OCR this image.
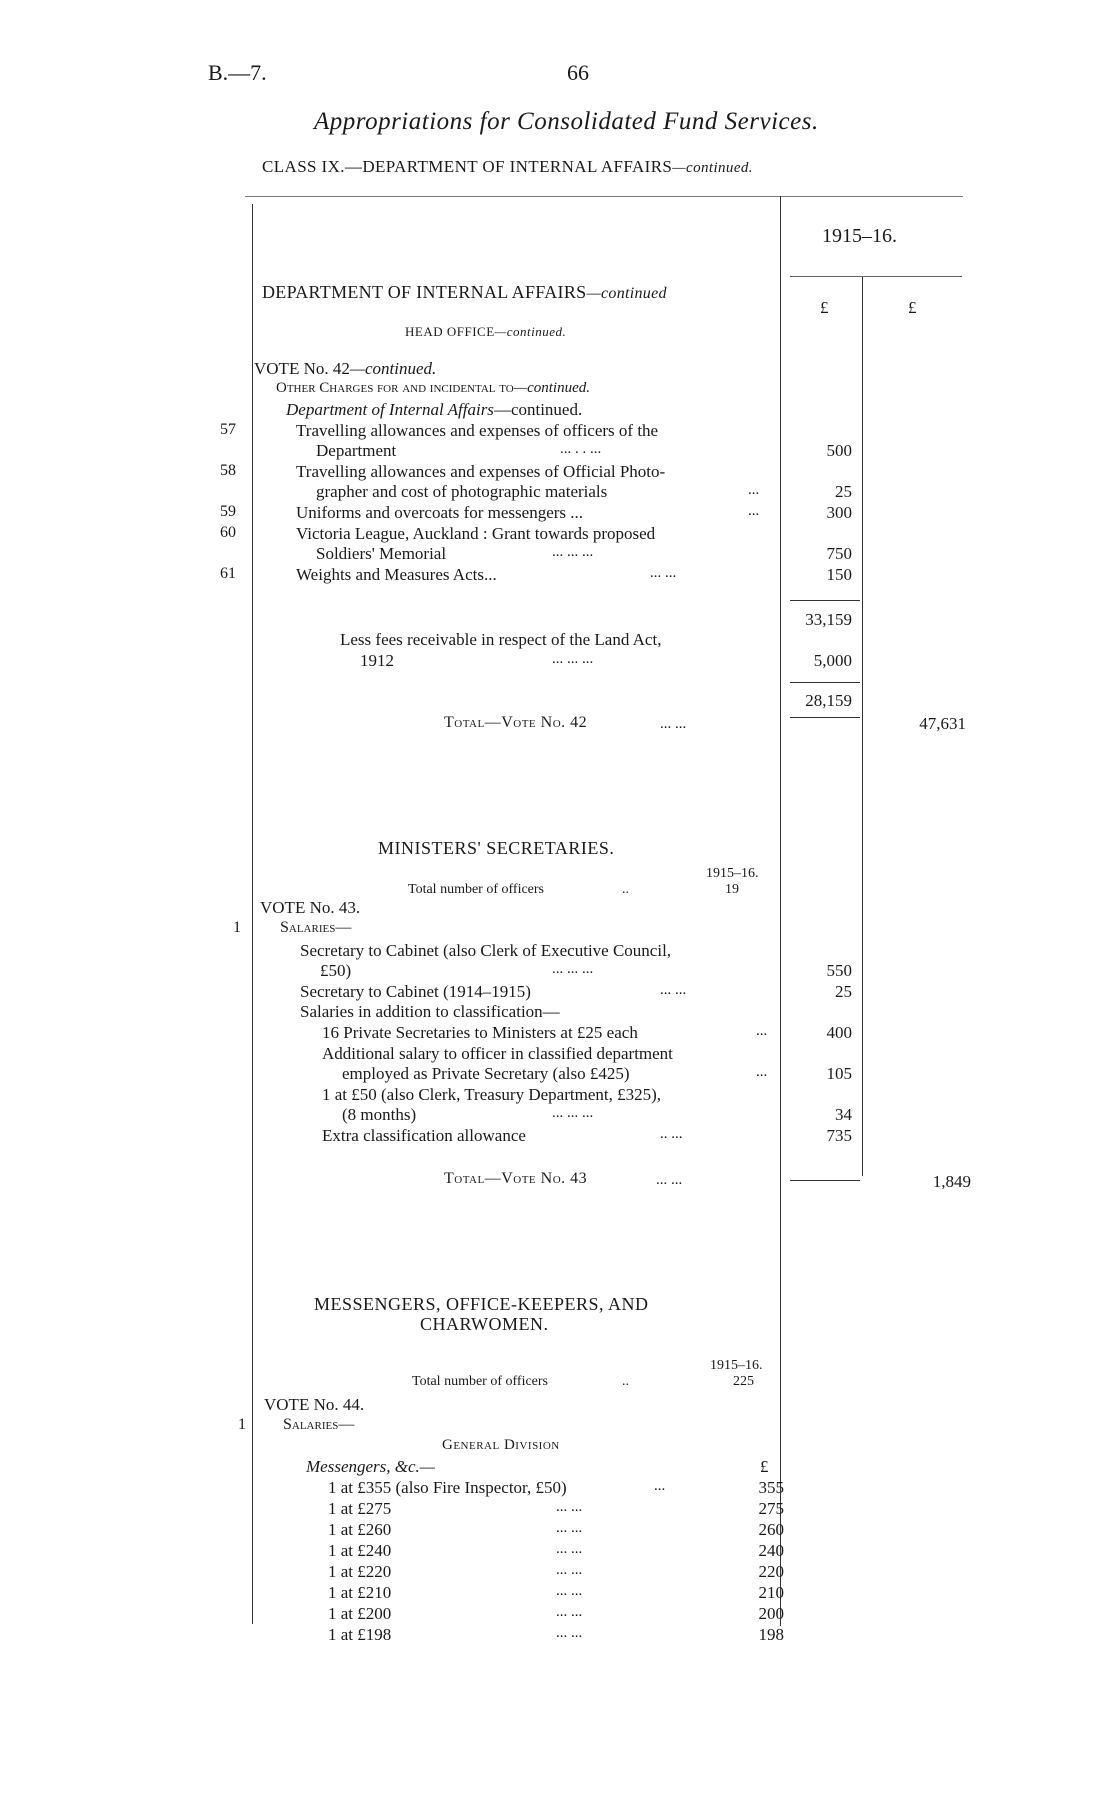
B.—7.	66
Appropriations for Consolidated Fund Services.
CLASS IX.—DEPARTMENT OF INTERNAL AFFAIRS—continued.
1915–16.
£	£
DEPARTMENT OF INTERNAL AFFAIRS—continued
HEAD OFFICE—continued.
VOTE No. 42—continued.
Other Charges for and incidental to—continued.
Department of Internal Affairs—continued.
57	Travelling allowances and expenses of officers of the
Department	... . . ...	500
58	Travelling allowances and expenses of Official Photo-
grapher and cost of photographic materials	...	25
59	Uniforms and overcoats for messengers ...	...	300
60	Victoria League, Auckland : Grant towards proposed
Soldiers' Memorial	... ... ...	750
61	Weights and Measures Acts...	... ...	150
33,159
Less fees receivable in respect of the Land Act,
1912	... ... ...	5,000
28,159
Total—Vote No. 42	... ...	47,631
MINISTERS' SECRETARIES.
1915–16.
Total number of officers	..	19
VOTE No. 43.
1 Salaries—
Secretary to Cabinet (also Clerk of Executive Council,
£50)	... ... ...	550
Secretary to Cabinet (1914–1915)	... ...	25
Salaries in addition to classification—
16 Private Secretaries to Ministers at £25 each	...	400
Additional salary to officer in classified department
employed as Private Secretary (also £425)	...	105
1 at £50 (also Clerk, Treasury Department, £325),
(8 months)	... ... ...	34
Extra classification allowance	.. ...	735
Total—Vote No. 43	... ...	1,849
MESSENGERS, OFFICE-KEEPERS, AND
CHARWOMEN.
1915–16.
Total number of officers	..	225
VOTE No. 44.
1 Salaries—
General Division
Messengers, &c.—	£
1 at £355 (also Fire Inspector, £50)	...	355
1 at £275	... ...	275
1 at £260	... ...	260
1 at £240	... ...	240
1 at £220	... ...	220
1 at £210	... ...	210
1 at £200	... ...	200
1 at £198	... ...	198
